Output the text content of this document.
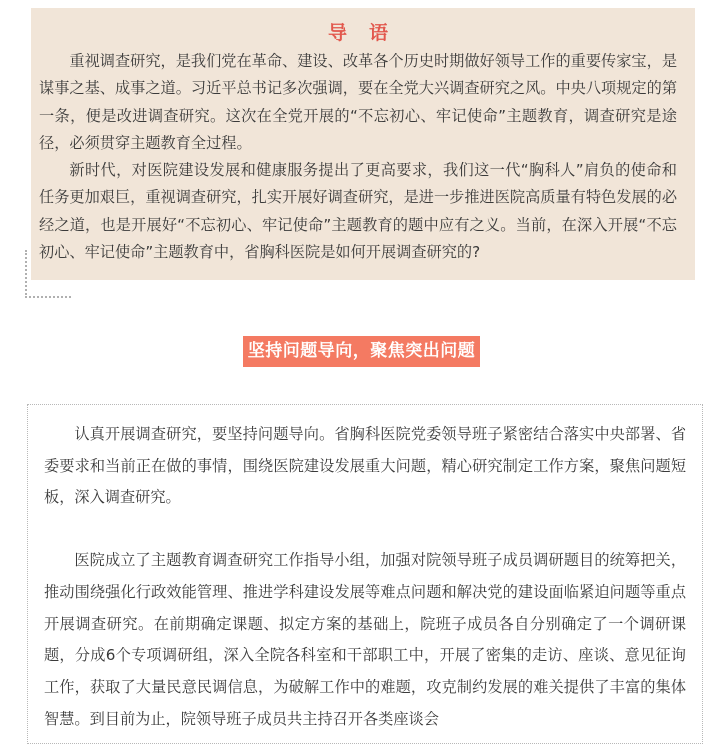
导语

重视调查研究，是我们党在革命、建设、改革各个历史时期做好领导工作的重要传家宝，是谋事之基、成事之道。习近平总书记多次强调，要在全党大兴调查研究之风。中央八项规定的第一条，便是改进调查研究。这次在全党开展的“不忘初心、牢记使命”主题教育，调查研究是途径，必须贯穿主题教育全过程。

新时代，对医院建设发展和健康服务提出了更高要求，我们这一代“胸科人”肩负的使命和任务更加艰巨，重视调查研究，扎实开展好调查研究，是进一步推进医院高质量有特色发展的必经之道，也是开展好“不忘初心、牢记使命”主题教育的题中应有之义。当前，在深入开展“不忘初心、牢记使命”主题教育中，省胸科医院是如何开展调查研究的?

坚持问题导向，聚焦突出问题

认真开展调查研究，要坚持问题导向。省胸科医院党委领导班子紧密结合落实中央部署、省委要求和当前正在做的事情，围绕医院建设发展重大问题，精心研究制定工作方案，聚焦问题短板，深入调查研究。

医院成立了主题教育调查研究工作指导小组，加强对院领导班子成员调研题目的统筹把关，推动围绕强化行政效能管理、推进学科建设发展等难点问题和解决党的建设面临紧迫问题等重点开展调查研究。在前期确定课题、拟定方案的基础上，院班子成员各自分别确定了一个调研课题，分成6个专项调研组，深入全院各科室和干部职工中，开展了密集的走访、座谈、意见征询工作，获取了大量民意民调信息，为破解工作中的难题，攻克制约发展的难关提供了丰富的集体智慧。到目前为止，院领导班子成员共主持召开各类座谈会
